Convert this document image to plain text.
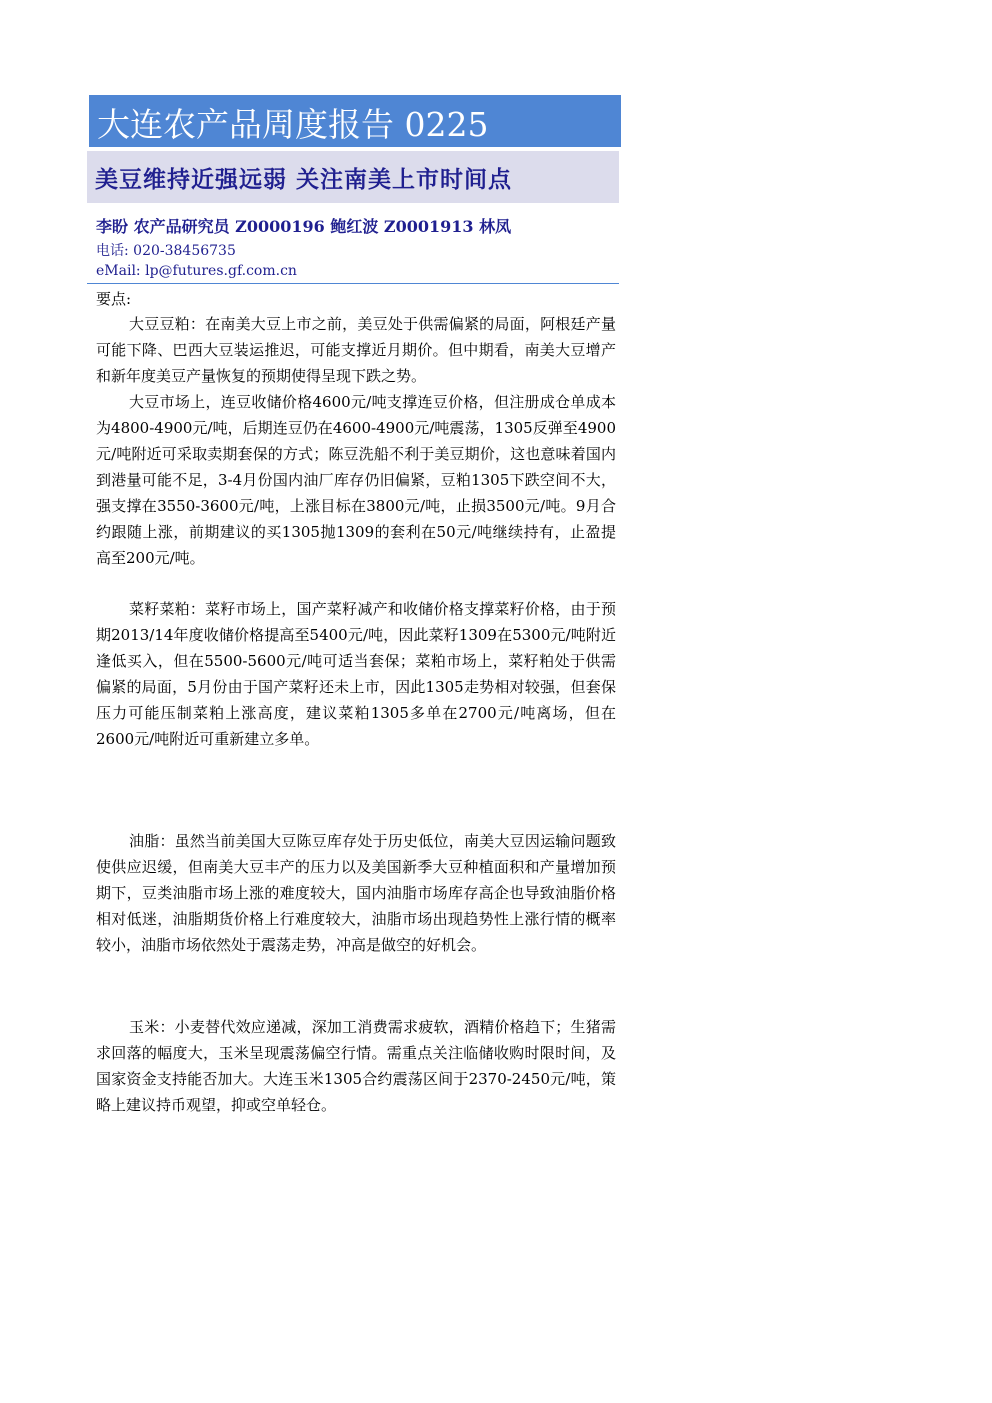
大连农产品周度报告 0225
美豆维持近强远弱 关注南美上市时间点
李盼 农产品研究员 Z0000196 鲍红波 Z0001913 林凤
电话: 020-38456735
eMail: lp@futures.gf.com.cn
要点:

大豆豆粕：在南美大豆上市之前，美豆处于供需偏紧的局面，阿根廷产量可能下降、巴西大豆装运推迟，可能支撑近月期价。但中期看，南美大豆增产和新年度美豆产量恢复的预期使得呈现下跌之势。

大豆市场上，连豆收储价格4600元/吨支撑连豆价格，但注册成仓单成本为4800-4900元/吨，后期连豆仍在4600-4900元/吨震荡，1305反弹至4900元/吨附近可采取卖期套保的方式；陈豆洗船不利于美豆期价，这也意味着国内到港量可能不足，3-4月份国内油厂库存仍旧偏紧，豆粕1305下跌空间不大，强支撑在3550-3600元/吨，上涨目标在3800元/吨，止损3500元/吨。9月合约跟随上涨，前期建议的买1305抛1309的套利在50元/吨继续持有，止盈提高至200元/吨。

菜籽菜粕：菜籽市场上，国产菜籽减产和收储价格支撑菜籽价格，由于预期2013/14年度收储价格提高至5400元/吨，因此菜籽1309在5300元/吨附近逢低买入，但在5500-5600元/吨可适当套保；菜粕市场上，菜籽粕处于供需偏紧的局面，5月份由于国产菜籽还未上市，因此1305走势相对较强，但套保压力可能压制菜粕上涨高度，建议菜粕1305多单在2700元/吨离场，但在2600元/吨附近可重新建立多单。

油脂：虽然当前美国大豆陈豆库存处于历史低位，南美大豆因运输问题致使供应迟缓，但南美大豆丰产的压力以及美国新季大豆种植面积和产量增加预期下，豆类油脂市场上涨的难度较大，国内油脂市场库存高企也导致油脂价格相对低迷，油脂期货价格上行难度较大，油脂市场出现趋势性上涨行情的概率较小，油脂市场依然处于震荡走势，冲高是做空的好机会。

玉米：小麦替代效应递减，深加工消费需求疲软，酒精价格趋下；生猪需求回落的幅度大，玉米呈现震荡偏空行情。需重点关注临储收购时限时间，及国家资金支持能否加大。大连玉米1305合约震荡区间于2370-2450元/吨，策略上建议持币观望，抑或空单轻仓。
